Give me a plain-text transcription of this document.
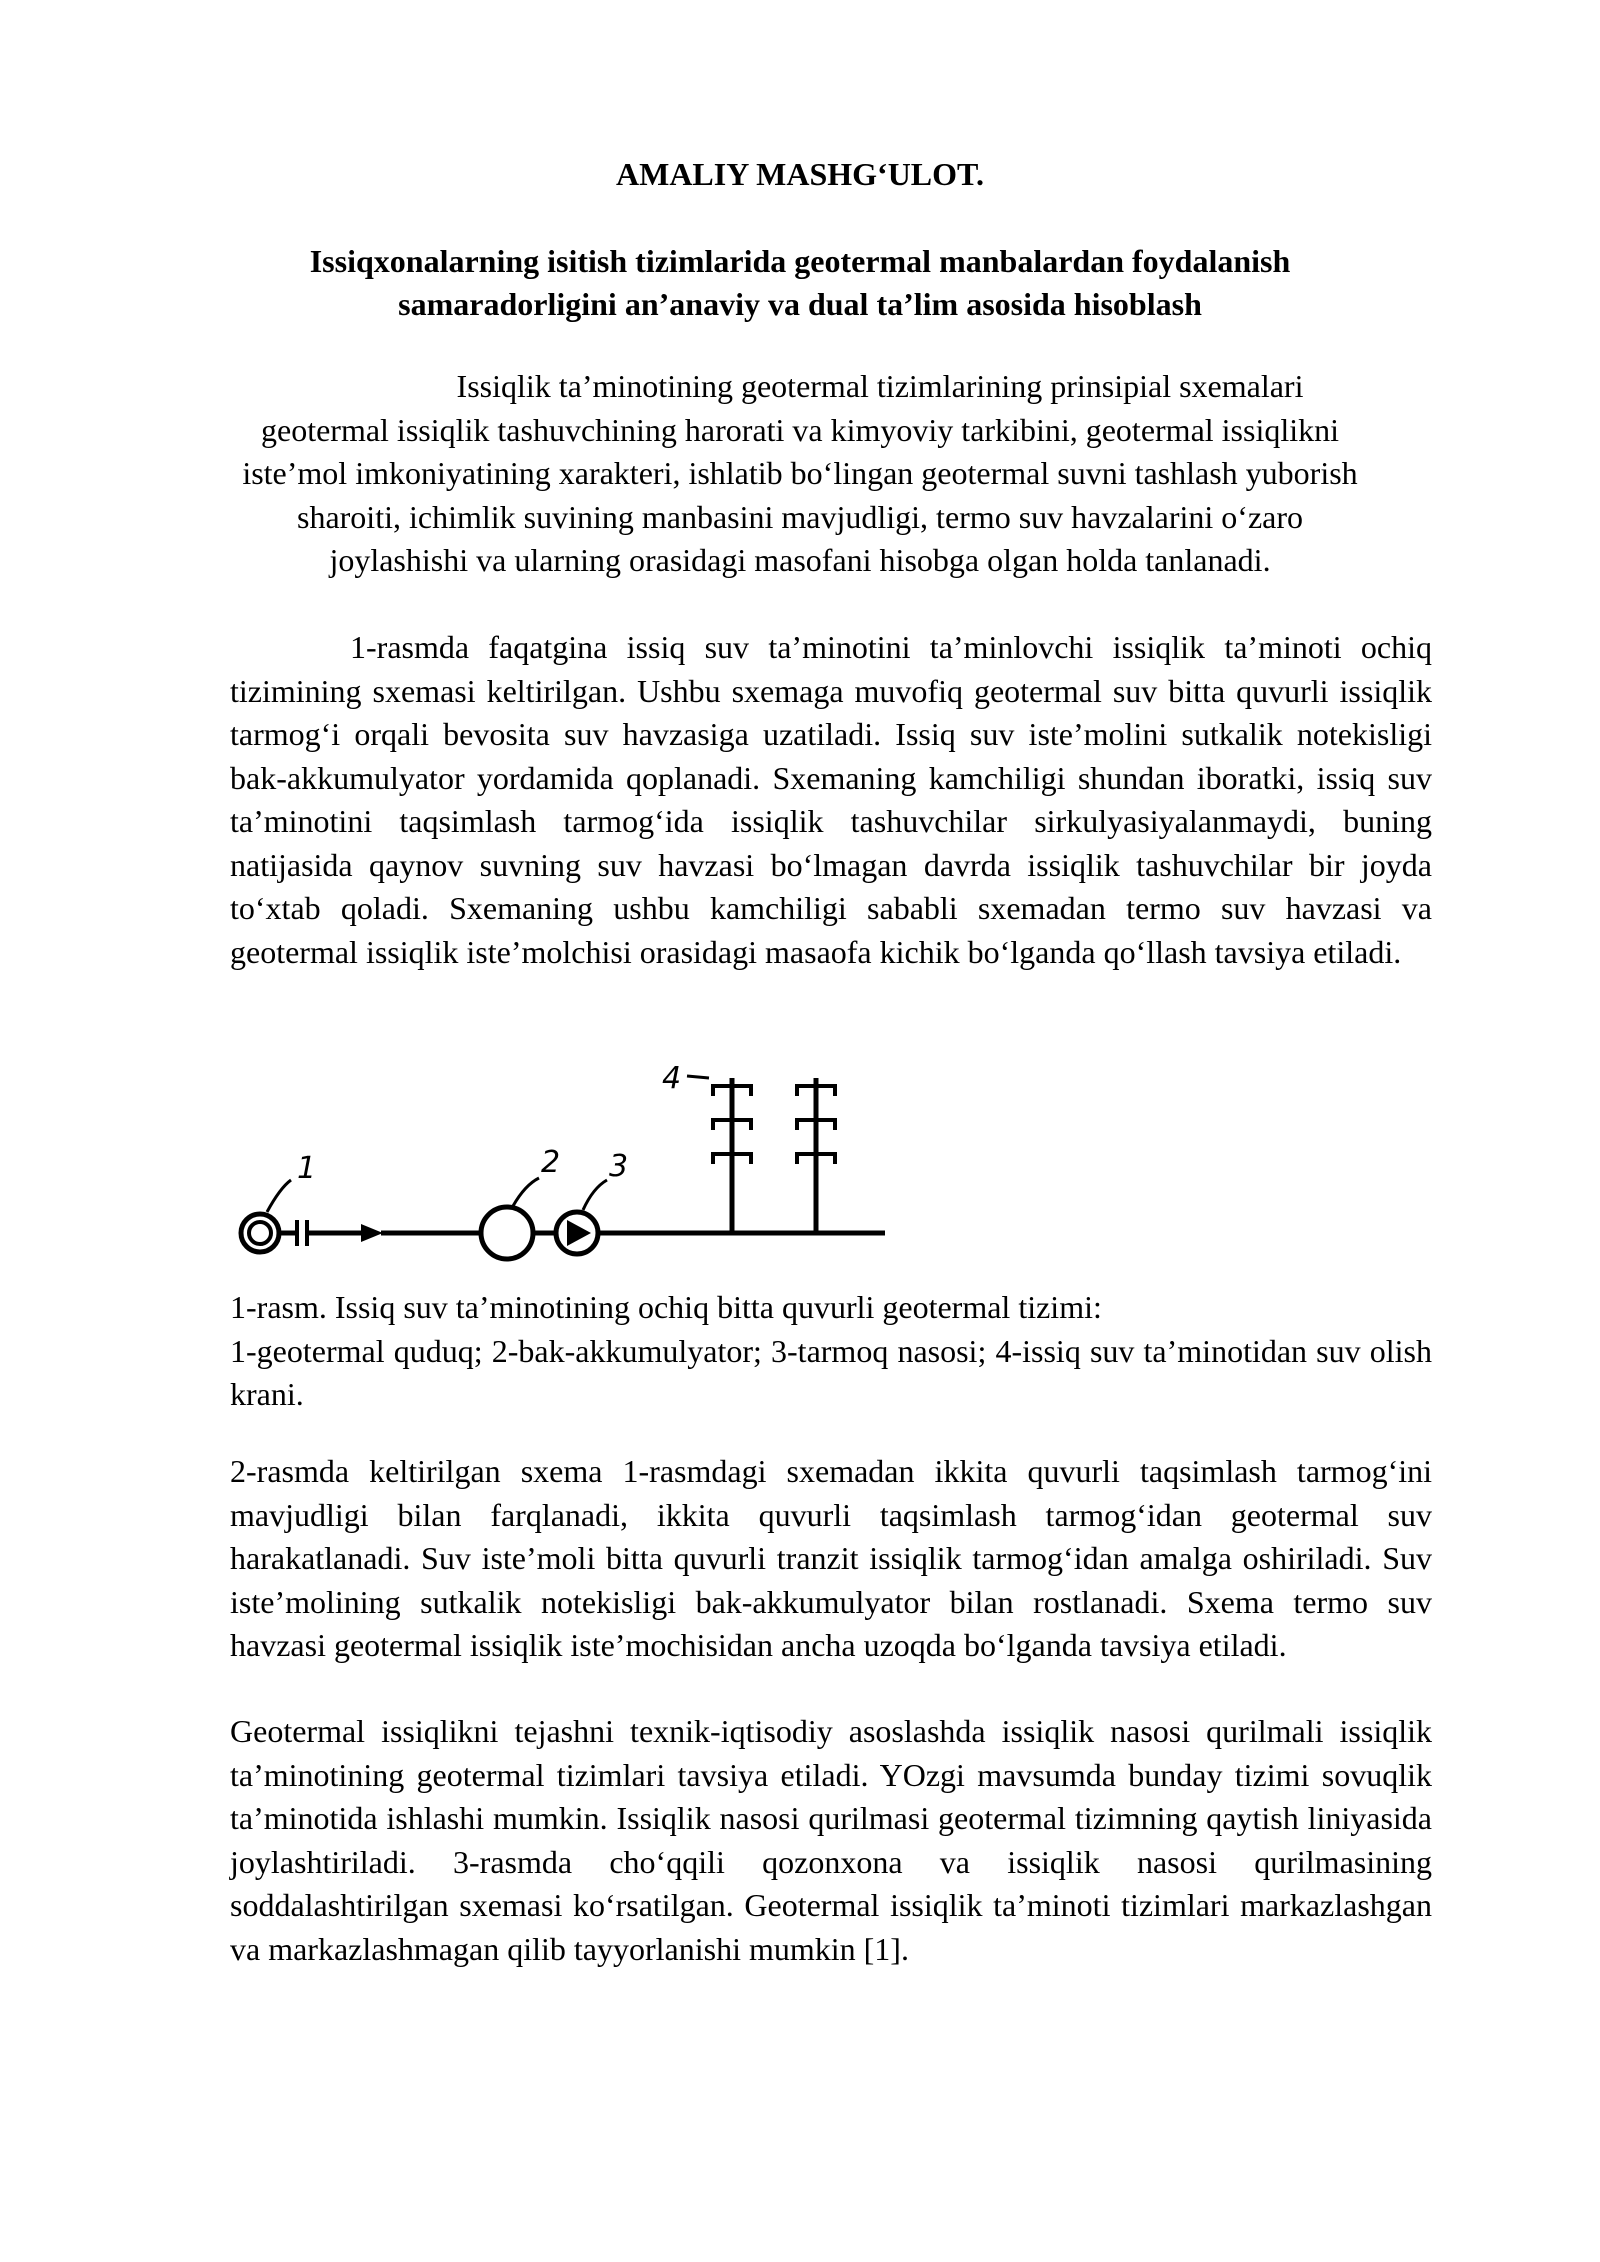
AMALIY MASHG‘ULOT.
Issiqxonalarning isitish tizimlarida geotermal manbalardan foydalanish samaradorligini an’anaviy va dual ta’lim asosida hisoblash
Issiqlik ta’minotining geotermal tizimlarining prinsipial sxemalari geotermal issiqlik tashuvchining harorati va kimyoviy tarkibini, geotermal issiqlikni iste’mol imkoniyatining xarakteri, ishlatib bo‘lingan geotermal suvni tashlash yuborish sharoiti, ichimlik suvining manbasini mavjudligi, termo suv havzalarini o‘zaro joylashishi va ularning orasidagi masofani hisobga olgan holda tanlanadi.

1-rasmda faqatgina issiq suv ta’minotini ta’minlovchi issiqlik ta’minoti ochiq tizimining sxemasi keltirilgan. Ushbu sxemaga muvofiq geotermal suv bitta quvurli issiqlik tarmog‘i orqali bevosita suv havzasiga uzatiladi. Issiq suv iste’molini sutkalik notekisligi bak-akkumulyator yordamida qoplanadi. Sxemaning kamchiligi shundan iboratki, issiq suv ta’minotini taqsimlash tarmog‘ida issiqlik tashuvchilar sirkulyasiyalanmaydi, buning natijasida qaynov suvning suv havzasi bo‘lmagan davrda issiqlik tashuvchilar bir joyda to‘xtab qoladi. Sxemaning ushbu kamchiligi sababli sxemadan termo suv havzasi va geotermal issiqlik iste’molchisi orasidagi masaofa kichik bo‘lganda qo‘llash tavsiya etiladi.

1	2 3
4

1-rasm. Issiq suv ta’minotining ochiq bitta quvurli geotermal tizimi:
1-geotermal quduq; 2-bak-akkumulyator; 3-tarmoq nasosi; 4-issiq suv ta’minotidan suv olish krani.

2-rasmda keltirilgan sxema 1-rasmdagi sxemadan ikkita quvurli taqsimlash tarmog‘ini mavjudligi bilan farqlanadi, ikkita quvurli taqsimlash tarmog‘idan geotermal suv harakatlanadi. Suv iste’moli bitta quvurli tranzit issiqlik tarmog‘idan amalga oshiriladi. Suv iste’molining sutkalik notekisligi bak-akkumulyator bilan rostlanadi. Sxema termo suv havzasi geotermal issiqlik iste’mochisidan ancha uzoqda bo‘lganda tavsiya etiladi.

Geotermal issiqlikni tejashni texnik-iqtisodiy asoslashda issiqlik nasosi qurilmali issiqlik ta’minotining geotermal tizimlari tavsiya etiladi. YOzgi mavsumda bunday tizimi sovuqlik ta’minotida ishlashi mumkin. Issiqlik nasosi qurilmasi geotermal tizimning qaytish liniyasida joylashtiriladi. 3-rasmda cho‘qqili qozonxona va issiqlik nasosi qurilmasining soddalashtirilgan sxemasi ko‘rsatilgan. Geotermal issiqlik ta’minoti tizimlari markazlashgan va markazlashmagan qilib tayyorlanishi mumkin [1].
